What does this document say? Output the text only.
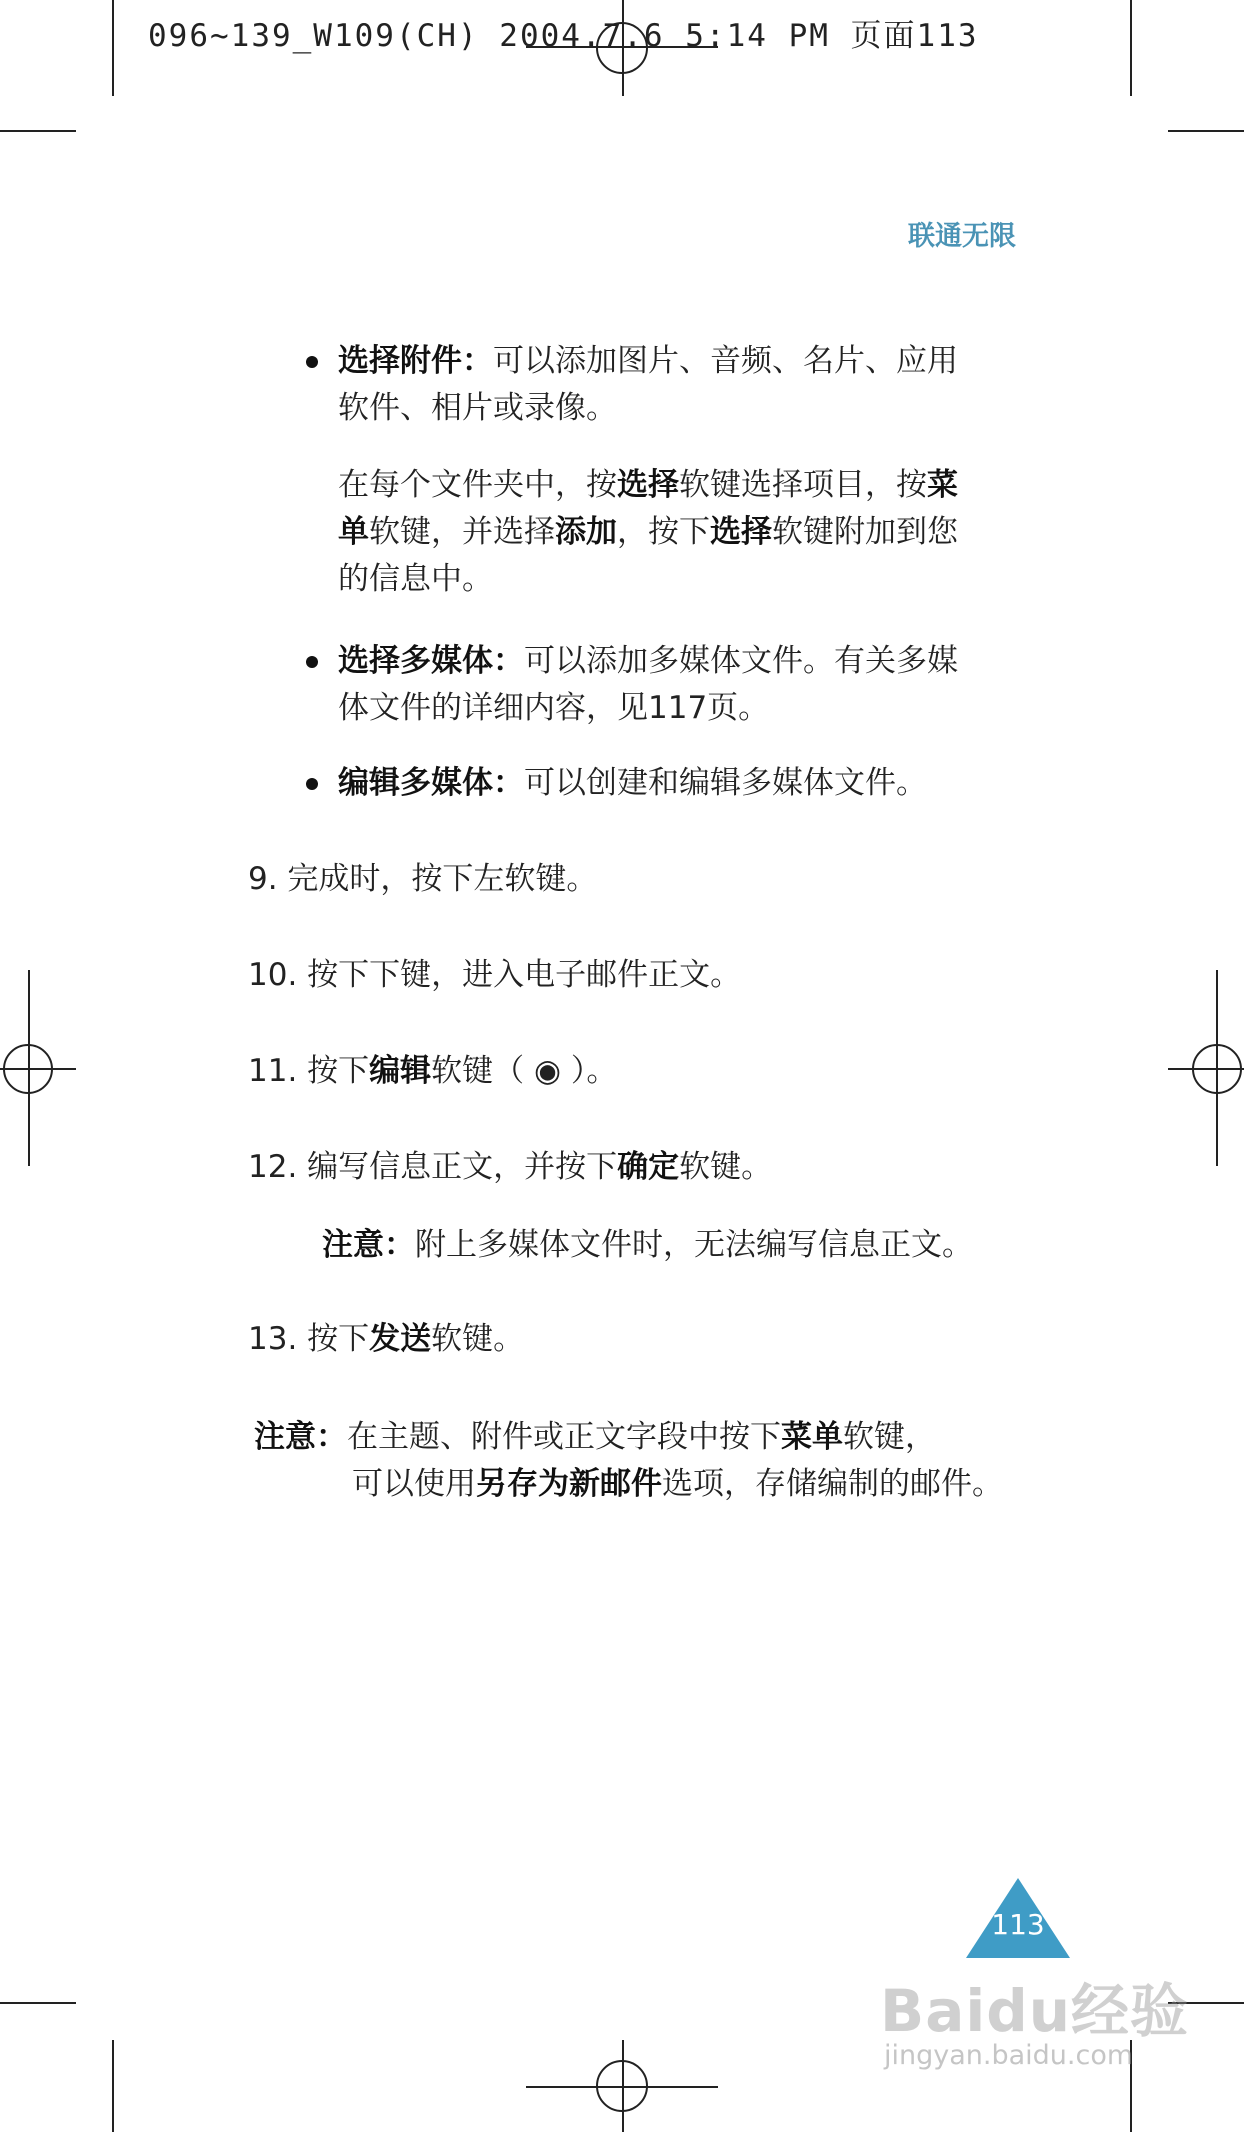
096~139_W109(CH) 2004.7.6 5:14 PM 页面113
联通无限
选择附件：可以添加图片、音频、名片、应用
软件、相片或录像。
在每个文件夹中，按选择软键选择项目，按菜
单软键，并选择添加，按下选择软键附加到您
的信息中。
选择多媒体：可以添加多媒体文件。有关多媒
体文件的详细内容，见117页。
编辑多媒体：可以创建和编辑多媒体文件。
9. 完成时，按下左软键。
10. 按下下键，进入电子邮件正文。
11. 按下编辑软键（ ◉ ）。
12. 编写信息正文，并按下确定软键。
注意：附上多媒体文件时，无法编写信息正文。
13. 按下发送软键。
注意：在主题、附件或正文字段中按下菜单软键，
可以使用另存为新邮件选项，存储编制的邮件。
113
Baidu经验
jingyan.baidu.com
